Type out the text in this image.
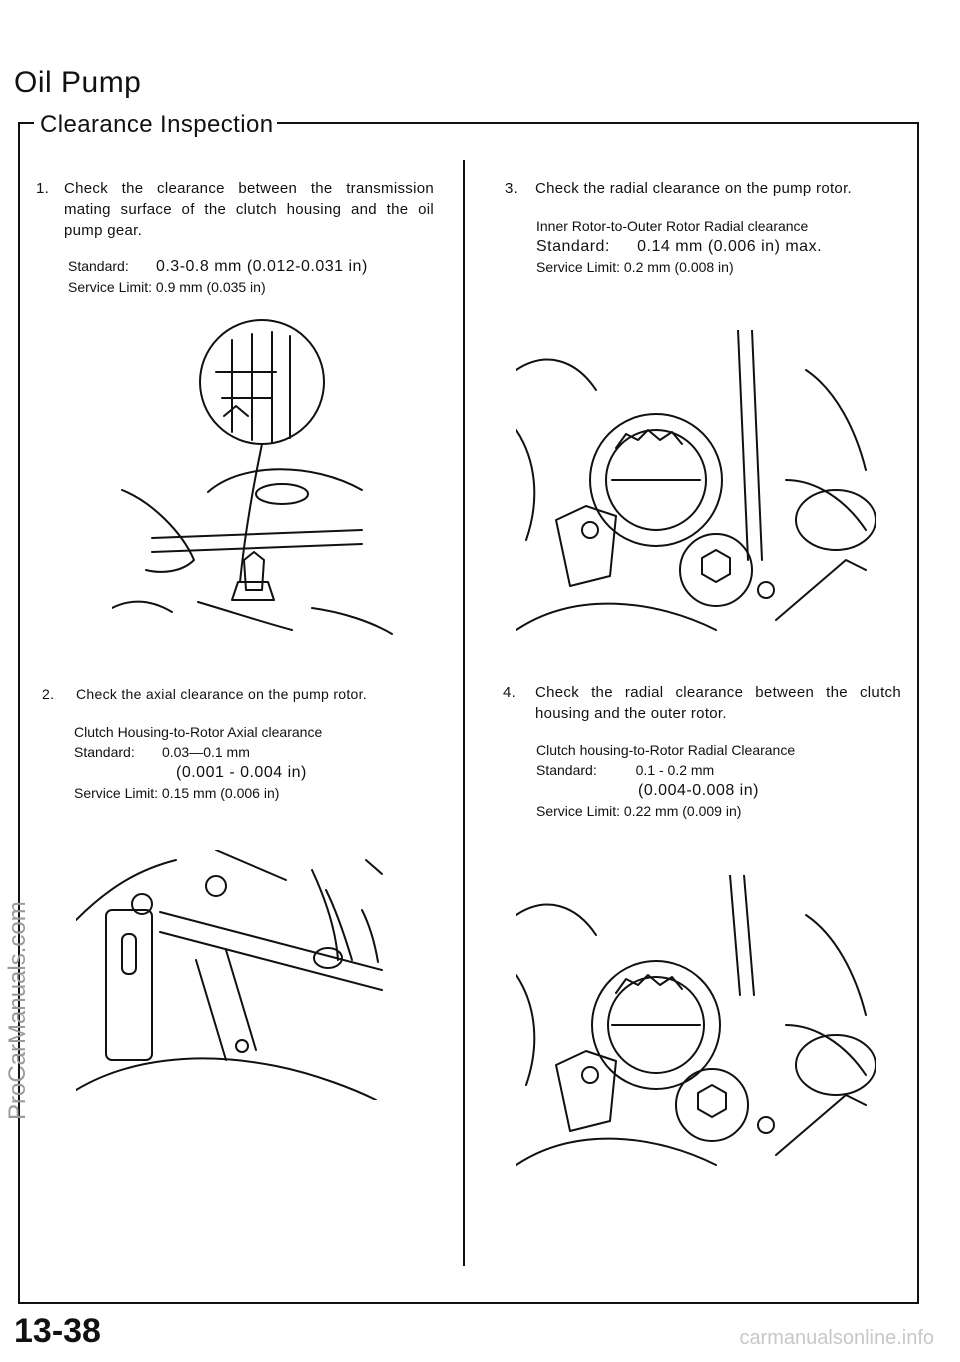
Oil Pump
Clearance Inspection
1. Check the clearance between the transmission mating surface of the clutch housing and the oil pump gear.
Standard: 0.3-0.8 mm (0.012-0.031 in)
Service Limit: 0.9 mm (0.035 in)
2. Check the axial clearance on the pump rotor.
Clutch Housing-to-Rotor Axial clearance
Standard: 0.03—0.1 mm
(0.001 - 0.004 in)
Service Limit: 0.15 mm (0.006 in)
3. Check the radial clearance on the pump rotor.
Inner Rotor-to-Outer Rotor Radial clearance
Standard: 0.14 mm (0.006 in) max.
Service Limit: 0.2 mm (0.008 in)
4. Check the radial clearance between the clutch housing and the outer rotor.
Clutch housing-to-Rotor Radial Clearance
Standard:	0.1 - 0.2 mm
(0.004-0.008 in)
Service Limit: 0.22 mm (0.009 in)
13-38	carmanualsonline.info
ProCarManuals.com
